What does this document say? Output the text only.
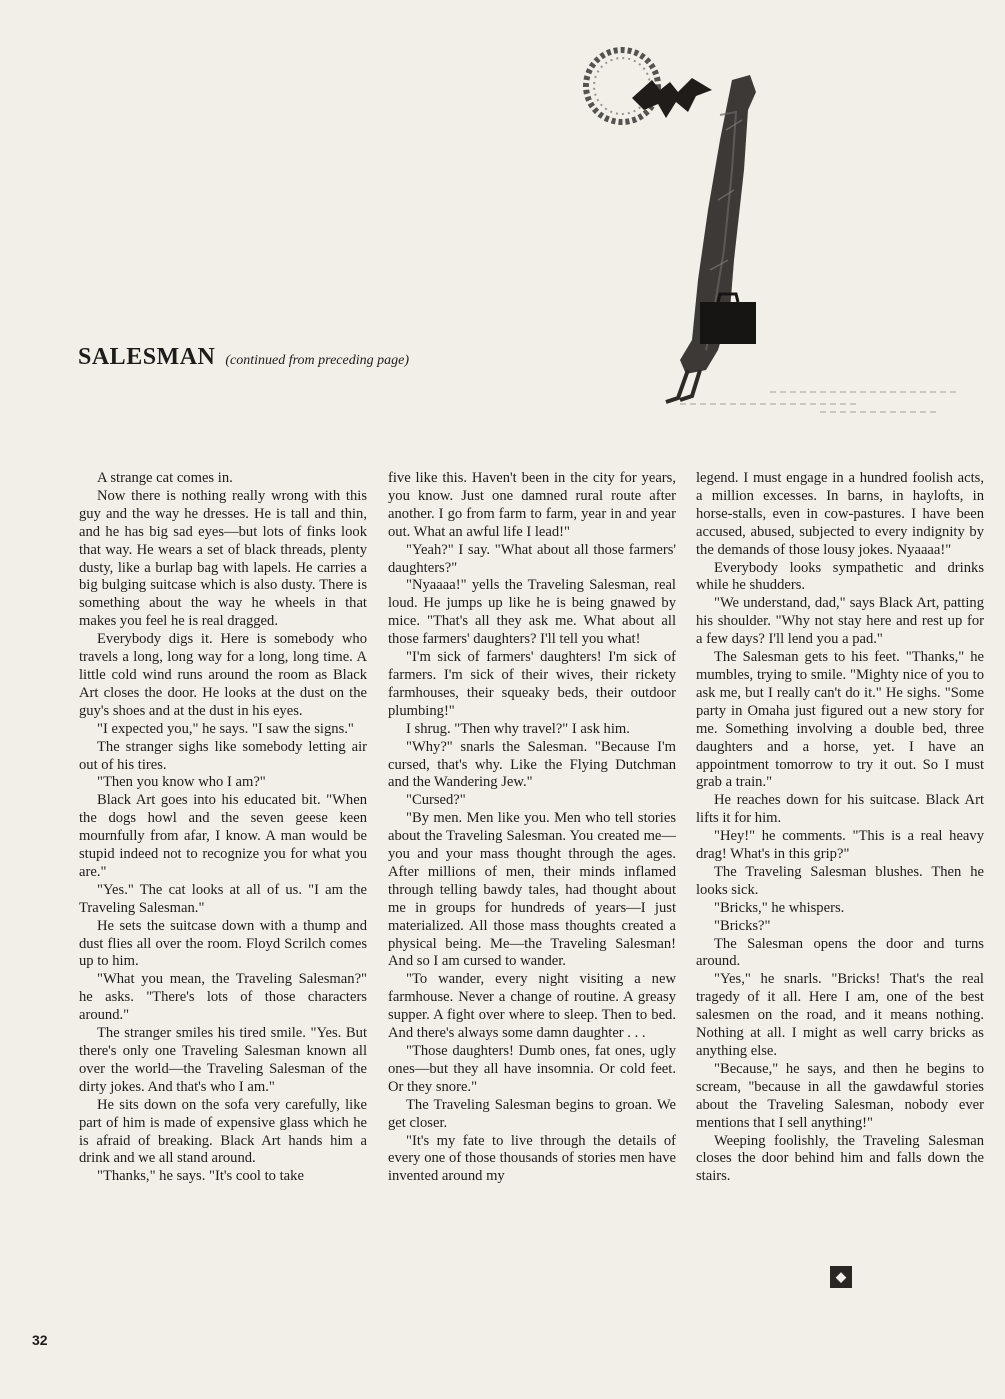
SALESMAN (continued from preceding page)

A strange cat comes in.

Now there is nothing really wrong with this guy and the way he dresses. He is tall and thin, and he has big sad eyes—but lots of finks look that way. He wears a set of black threads, plenty dusty, like a burlap bag with lapels. He carries a big bulging suitcase which is also dusty. There is something about the way he wheels in that makes you feel he is real dragged.

Everybody digs it. Here is somebody who travels a long, long way for a long, long time. A little cold wind runs around the room as Black Art closes the door. He looks at the dust on the guy's shoes and at the dust in his eyes.

"I expected you," he says. "I saw the signs."

The stranger sighs like somebody letting air out of his tires.

"Then you know who I am?"

Black Art goes into his educated bit. "When the dogs howl and the seven geese keen mournfully from afar, I know. A man would be stupid indeed not to recognize you for what you are."

"Yes." The cat looks at all of us. "I am the Traveling Salesman."

He sets the suitcase down with a thump and dust flies all over the room. Floyd Scrilch comes up to him.

"What you mean, the Traveling Salesman?" he asks. "There's lots of those characters around."

The stranger smiles his tired smile. "Yes. But there's only one Traveling Salesman known all over the world—the Traveling Salesman of the dirty jokes. And that's who I am."

He sits down on the sofa very carefully, like part of him is made of expensive glass which he is afraid of breaking. Black Art hands him a drink and we all stand around.

"Thanks," he says. "It's cool to take

five like this. Haven't been in the city for years, you know. Just one damned rural route after another. I go from farm to farm, year in and year out. What an awful life I lead!"

"Yeah?" I say. "What about all those farmers' daughters?"

"Nyaaaa!" yells the Traveling Salesman, real loud. He jumps up like he is being gnawed by mice. "That's all they ask me. What about all those farmers' daughters? I'll tell you what!

"I'm sick of farmers' daughters! I'm sick of farmers. I'm sick of their wives, their rickety farmhouses, their squeaky beds, their outdoor plumbing!"

I shrug. "Then why travel?" I ask him.

"Why?" snarls the Salesman. "Because I'm cursed, that's why. Like the Flying Dutchman and the Wandering Jew."

"Cursed?"

"By men. Men like you. Men who tell stories about the Traveling Salesman. You created me—you and your mass thought through the ages. After millions of men, their minds inflamed through telling bawdy tales, had thought about me in groups for hundreds of years—I just materialized. All those mass thoughts created a physical being. Me—the Traveling Salesman! And so I am cursed to wander.

"To wander, every night visiting a new farmhouse. Never a change of routine. A greasy supper. A fight over where to sleep. Then to bed. And there's always some damn daughter . . .

"Those daughters! Dumb ones, fat ones, ugly ones—but they all have insomnia. Or cold feet. Or they snore."

The Traveling Salesman begins to groan. We get closer.

"It's my fate to live through the details of every one of those thousands of stories men have invented around my

legend. I must engage in a hundred foolish acts, a million excesses. In barns, in haylofts, in horse-stalls, even in cow-pastures. I have been accused, abused, subjected to every indignity by the demands of those lousy jokes. Nyaaaa!"

Everybody looks sympathetic and drinks while he shudders.

"We understand, dad," says Black Art, patting his shoulder. "Why not stay here and rest up for a few days? I'll lend you a pad."

The Salesman gets to his feet. "Thanks," he mumbles, trying to smile. "Mighty nice of you to ask me, but I really can't do it." He sighs. "Some party in Omaha just figured out a new story for me. Something involving a double bed, three daughters and a horse, yet. I have an appointment tomorrow to try it out. So I must grab a train."

He reaches down for his suitcase. Black Art lifts it for him.

"Hey!" he comments. "This is a real heavy drag! What's in this grip?"

The Traveling Salesman blushes. Then he looks sick.

"Bricks," he whispers.

"Bricks?"

The Salesman opens the door and turns around.

"Yes," he snarls. "Bricks! That's the real tragedy of it all. Here I am, one of the best salesmen on the road, and it means nothing. Nothing at all. I might as well carry bricks as anything else.

"Because," he says, and then he begins to scream, "because in all the gawdawful stories about the Traveling Salesman, nobody ever mentions that I sell anything!"

Weeping foolishly, the Traveling Salesman closes the door behind him and falls down the stairs.

◆
32
